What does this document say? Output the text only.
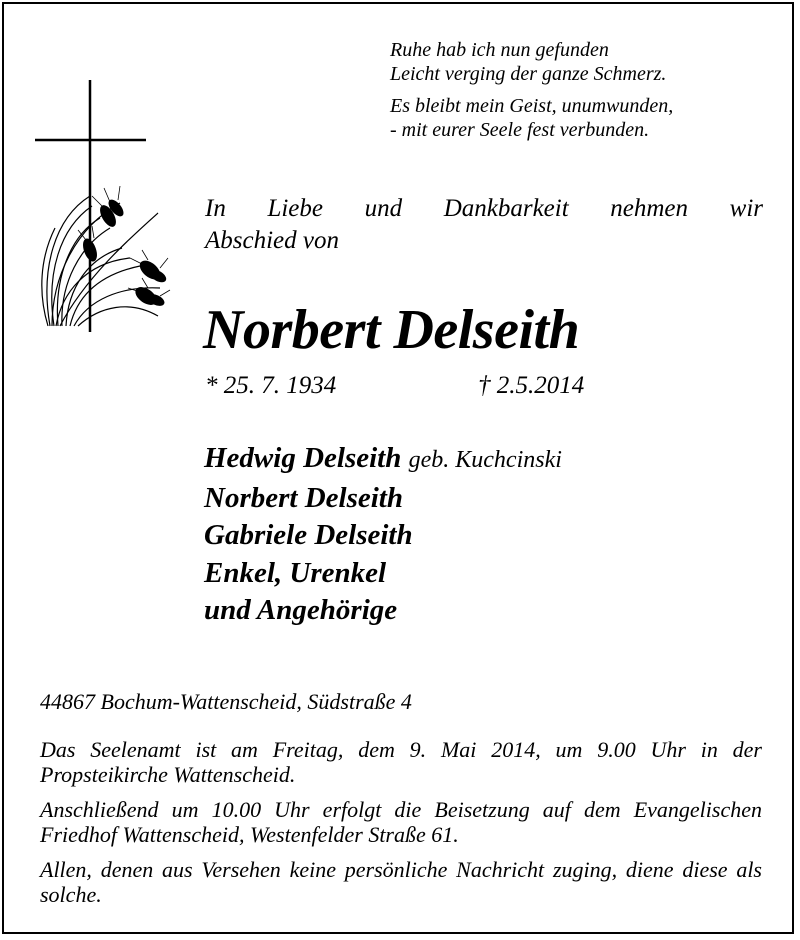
Ruhe hab ich nun gefunden
Leicht verging der ganze Schmerz.
Es bleibt mein Geist, unumwunden,
- mit eurer Seele fest verbunden.
In Liebe und Dankbarkeit nehmen wir
Abschied von
Norbert Delseith
* 25. 7. 1934	† 2.5.2014
Hedwig Delseith geb. Kuchcinski
Norbert Delseith
Gabriele Delseith
Enkel, Urenkel
und Angehörige
44867 Bochum-Wattenscheid, Südstraße 4

Das Seelenamt ist am Freitag, dem 9. Mai 2014, um 9.00 Uhr in der Propsteikirche Wattenscheid.

Anschließend um 10.00 Uhr erfolgt die Beisetzung auf dem Evangelischen Friedhof Wattenscheid, Westenfelder Straße 61.

Allen, denen aus Versehen keine persönliche Nachricht zuging, diene diese als solche.
